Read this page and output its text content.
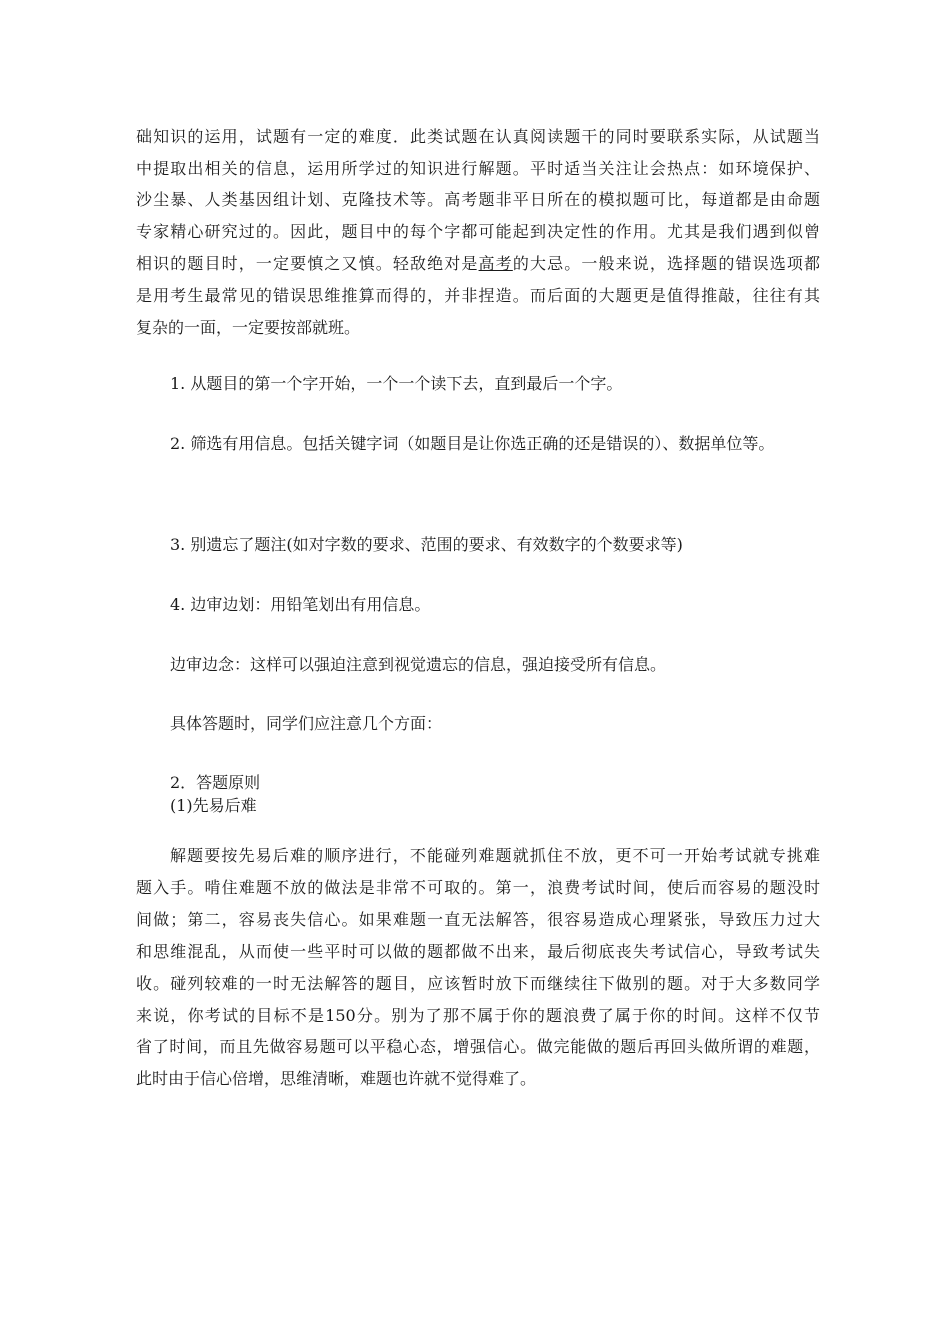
础知识的运用，试题有一定的难度．此类试题在认真阅读题干的同时要联系实际，从试题当
中提取出相关的信息，运用所学过的知识进行解题。平时适当关注让会热点：如环境保护、
沙尘暴、人类基因组计划、克隆技术等。高考题非平日所在的模拟题可比，每道都是由命题
专家精心研究过的。因此，题目中的每个字都可能起到决定性的作用。尤其是我们遇到似曾
相识的题目时，一定要慎之又慎。轻敌绝对是高考的大忌。一般来说，选择题的错误选项都
是用考生最常见的错误思维推算而得的，并非捏造。而后面的大题更是值得推敲，往往有其
复杂的一面，一定要按部就班。
1. 从题目的第一个字开始，一个一个读下去，直到最后一个字。
2. 筛选有用信息。包括关键字词（如题目是让你选正确的还是错误的）、数据单位等。
3. 别遗忘了题注(如对字数的要求、范围的要求、有效数字的个数要求等)
4. 边审边划：用铅笔划出有用信息。
边审边念：这样可以强迫注意到视觉遗忘的信息，强迫接受所有信息。
具体答题时，同学们应注意几个方面：
2．答题原则
(1)先易后难
解题要按先易后难的顺序进行，不能碰列难题就抓住不放，更不可一开始考试就专挑难
题入手。啃住难题不放的做法是非常不可取的。第一，浪费考试时间，使后而容易的题没时
间做；第二，容易丧失信心。如果难题一直无法解答，很容易造成心理紧张，导致压力过大
和思维混乱，从而使一些平时可以做的题都做不出来，最后彻底丧失考试信心，导致考试失
收。碰列较难的一时无法解答的题目，应该暂时放下而继续往下做别的题。对于大多数同学
来说，你考试的目标不是150分。别为了那不属于你的题浪费了属于你的时间。这样不仅节
省了时间，而且先做容易题可以平稳心态，增强信心。做完能做的题后再回头做所谓的难题，
此时由于信心倍增，思维清晰，难题也许就不觉得难了。
